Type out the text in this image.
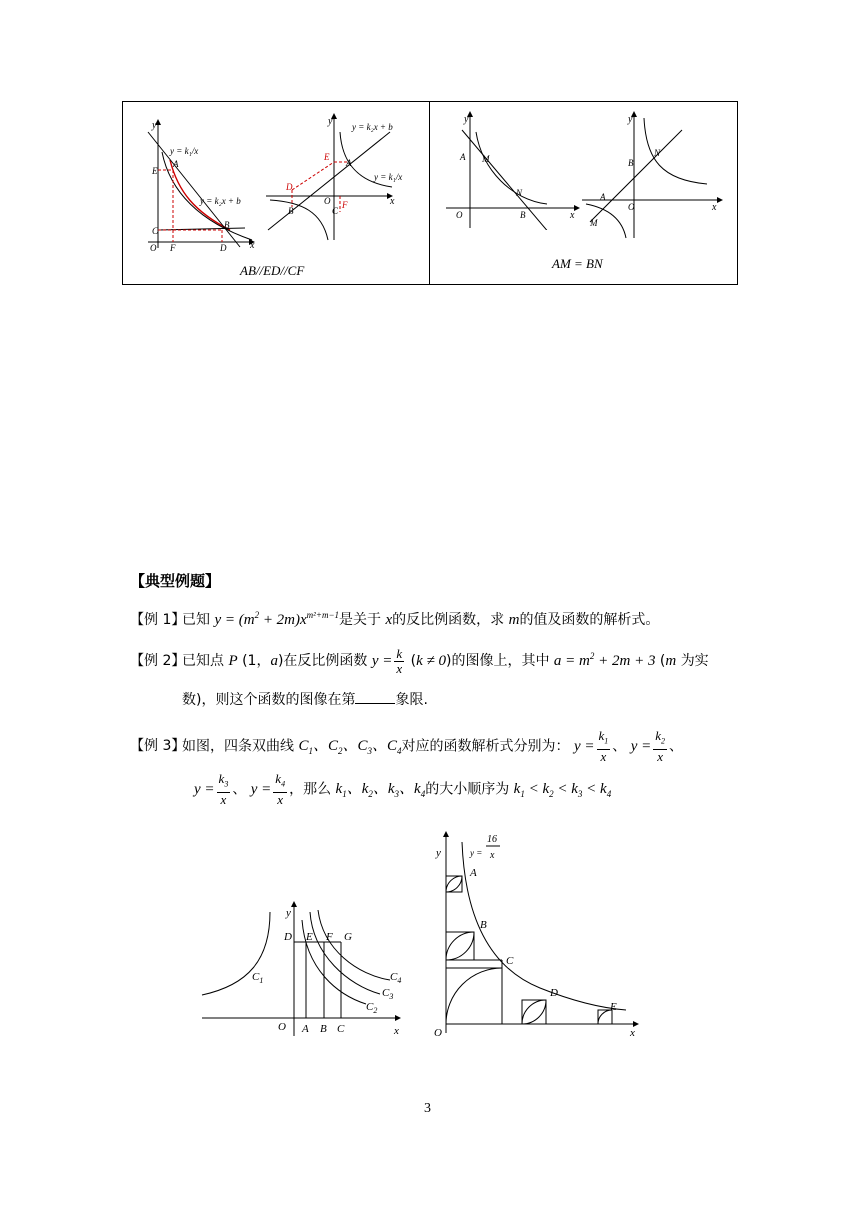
y
x
y = k₁/x
y = k₂x + b
A
B
C
D
E
F
O
y
x
y = k₂x + b
y = k₁/x
A
B	C
D
E
F
O
y
x
A M
N
B
O
y
x
A
B
M
N
O
AB//ED//CF	AM = BN
【典型例题】
【例 1】已知 $y = (m^2 + 2m)x^{m^2+m-1}$是关于 x的反比例函数，求 m的值及函数的解析式。
【例 2】已知点 P (1，a)在反比例函数 $y = \frac{k}{x} (k \ne 0)$的图像上，其中 $a = m^2 + 2m + 3$ (m 为实
数)，则这个函数的图像在第	象限.
【例 3】如图，四条双曲线 $C_1$、$C_2$、$C_3$、$C_4$对应的函数解析式分别为： $y = \frac{k_1}{x}$ 、 $y = \frac{k_2}{x}$ 、
$y = \frac{k_3}{x}$ 、 $y = \frac{k_4}{x}$ ，那么 $k_1$、$k_2$、$k_3$、$k_4$的大小顺序为 $k_1 < k_2 < k_3 < k_4$
y
x
O A B C
D E F G
$C_1$
$C_2$
$C_3$
$C_4$
y
x
O
y =
16
x
A
B
C
D
E
3
